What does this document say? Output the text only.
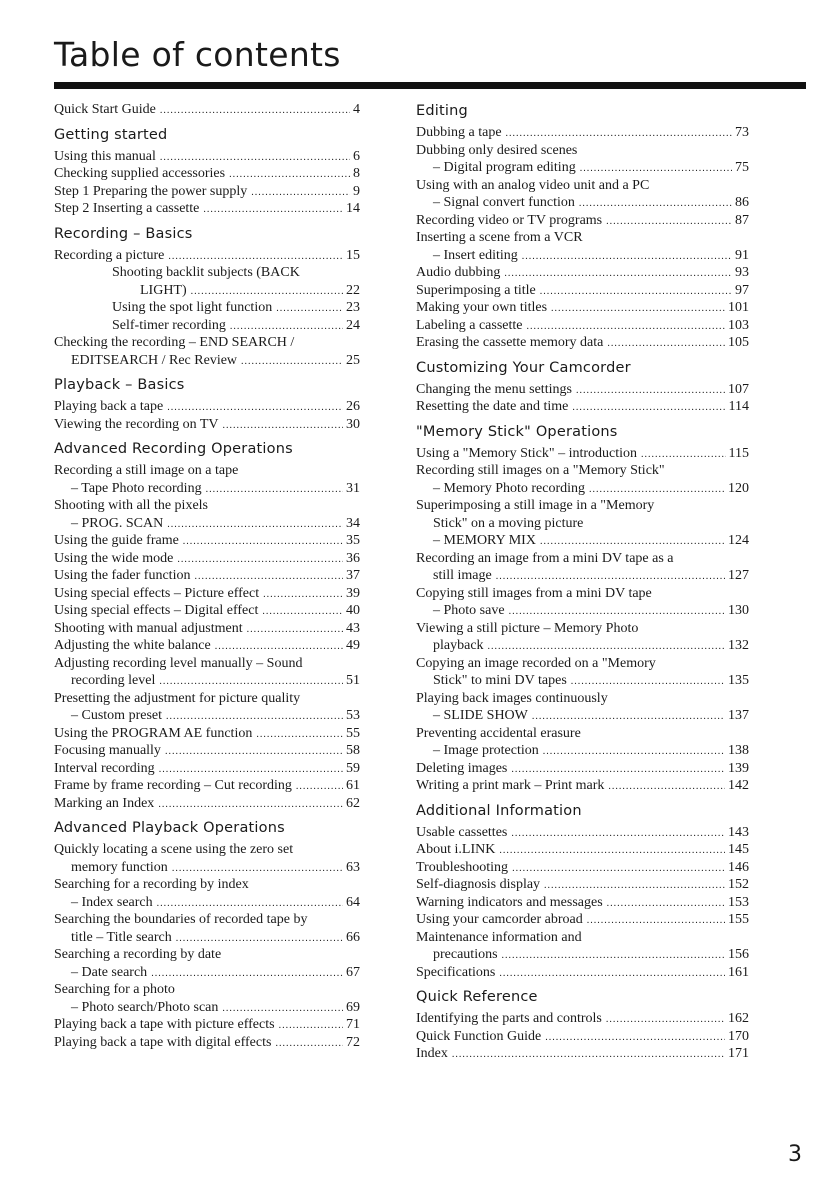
Table of contents
Quick Start Guide .....	4
Getting started
Using this manual .....	6
Checking supplied accessories .....	8
Step 1 Preparing the power supply .....	9
Step 2 Inserting a cassette .....	14
Recording – Basics
Recording a picture .....	15
Shooting backlit subjects (BACK
LIGHT) .....	22
Using the spot light function .....	23
Self-timer recording .....	24
Checking the recording – END SEARCH /
EDITSEARCH / Rec Review .....	25
Playback – Basics
Playing back a tape .....	26
Viewing the recording on TV .....	30
Advanced Recording Operations
Recording a still image on a tape
– Tape Photo recording .....	31
Shooting with all the pixels
– PROG. SCAN .....	34
Using the guide frame .....	35
Using the wide mode .....	36
Using the fader function .....	37
Using special effects – Picture effect .....	39
Using special effects – Digital effect .....	40
Shooting with manual adjustment .....	43
Adjusting the white balance .....	49
Adjusting recording level manually – Sound
recording level .....	51
Presetting the adjustment for picture quality
– Custom preset .....	53
Using the PROGRAM AE function .....	55
Focusing manually .....	58
Interval recording .....	59
Frame by frame recording – Cut recording .....	61
Marking an Index .....	62
Advanced Playback Operations
Quickly locating a scene using the zero set
memory function .....	63
Searching for a recording by index
– Index search .....	64
Searching the boundaries of recorded tape by
title – Title search .....	66
Searching a recording by date
– Date search .....	67
Searching for a photo
– Photo search/Photo scan .....	69
Playing back a tape with picture effects .....	71
Playing back a tape with digital effects .....	72
Editing
Dubbing a tape .....	73
Dubbing only desired scenes
– Digital program editing .....	75
Using with an analog video unit and a PC
– Signal convert function .....	86
Recording video or TV programs .....	87
Inserting a scene from a VCR
– Insert editing .....	91
Audio dubbing .....	93
Superimposing a title .....	97
Making your own titles .....	101
Labeling a cassette .....	103
Erasing the cassette memory data .....	105
Customizing Your Camcorder
Changing the menu settings .....	107
Resetting the date and time .....	114
"Memory Stick" Operations
Using a "Memory Stick" – introduction .....	115
Recording still images on a "Memory Stick"
– Memory Photo recording .....	120
Superimposing a still image in a "Memory
Stick" on a moving picture
– MEMORY MIX .....	124
Recording an image from a mini DV tape as a
still image .....	127
Copying still images from a mini DV tape
– Photo save .....	130
Viewing a still picture – Memory Photo
playback .....	132
Copying an image recorded on a "Memory
Stick" to mini DV tapes .....	135
Playing back images continuously
– SLIDE SHOW .....	137
Preventing accidental erasure
– Image protection .....	138
Deleting images .....	139
Writing a print mark – Print mark .....	142
Additional Information
Usable cassettes .....	143
About i.LINK .....	145
Troubleshooting .....	146
Self-diagnosis display .....	152
Warning indicators and messages .....	153
Using your camcorder abroad .....	155
Maintenance information and
precautions .....	156
Specifications .....	161
Quick Reference
Identifying the parts and controls .....	162
Quick Function Guide .....	170
Index .....	171
3
